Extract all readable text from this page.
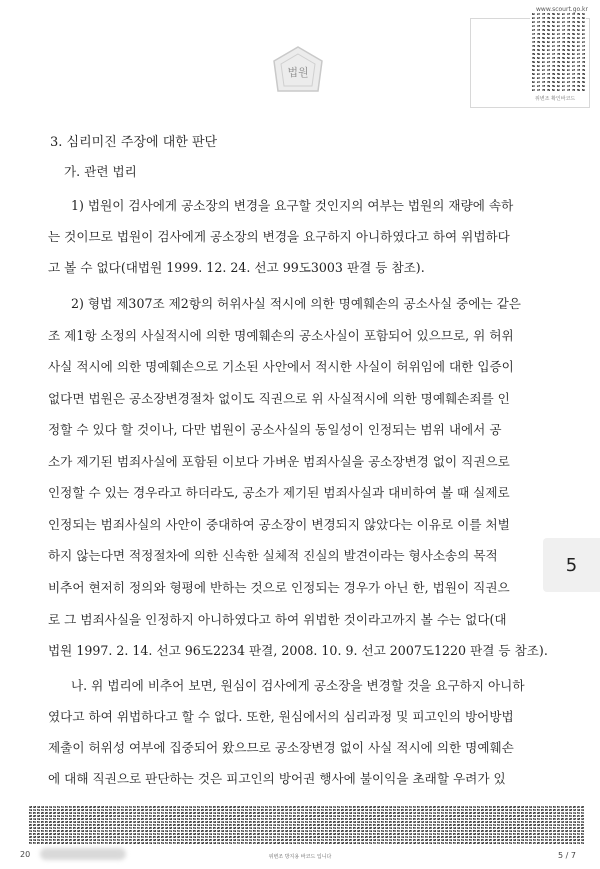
법원
www.scourt.go.kr
위변조 확인바코드
3. 심리미진 주장에 대한 판단
가. 관련 법리
1) 법원이 검사에게 공소장의 변경을 요구할 것인지의 여부는 법원의 재량에 속하
는 것이므로 법원이 검사에게 공소장의 변경을 요구하지 아니하였다고 하여 위법하다
고 볼 수 없다(대법원 1999. 12. 24. 선고 99도3003 판결 등 참조).
2) 형법 제307조 제2항의 허위사실 적시에 의한 명예훼손의 공소사실 중에는 같은
조 제1항 소정의 사실적시에 의한 명예훼손의 공소사실이 포함되어 있으므로, 위 허위
사실 적시에 의한 명예훼손으로 기소된 사안에서 적시한 사실이 허위임에 대한 입증이
없다면 법원은 공소장변경절차 없이도 직권으로 위 사실적시에 의한 명예훼손죄를 인
정할 수 있다 할 것이나, 다만 법원이 공소사실의 동일성이 인정되는 범위 내에서 공
소가 제기된 범죄사실에 포함된 이보다 가벼운 범죄사실을 공소장변경 없이 직권으로
인정할 수 있는 경우라고 하더라도, 공소가 제기된 범죄사실과 대비하여 볼 때 실제로
인정되는 범죄사실의 사안이 중대하여 공소장이 변경되지 않았다는 이유로 이를 처벌
하지 않는다면 적정절차에 의한 신속한 실체적 진실의 발견이라는 형사소송의 목적
비추어 현저히 정의와 형평에 반하는 것으로 인정되는 경우가 아닌 한, 법원이 직권으
로 그 범죄사실을 인정하지 아니하였다고 하여 위법한 것이라고까지 볼 수는 없다(대
법원 1997. 2. 14. 선고 96도2234 판결, 2008. 10. 9. 선고 2007도1220 판결 등 참조).
나. 위 법리에 비추어 보면, 원심이 검사에게 공소장을 변경할 것을 요구하지 아니하
였다고 하여 위법하다고 할 수 없다. 또한, 원심에서의 심리과정 및 피고인의 방어방법
제출이 허위성 여부에 집중되어 왔으므로 공소장변경 없이 사실 적시에 의한 명예훼손
에 대해 직권으로 판단하는 것은 피고인의 방어권 행사에 불이익을 초래할 우려가 있
5
20	위변조 방지용 바코드 입니다	5 / 7
